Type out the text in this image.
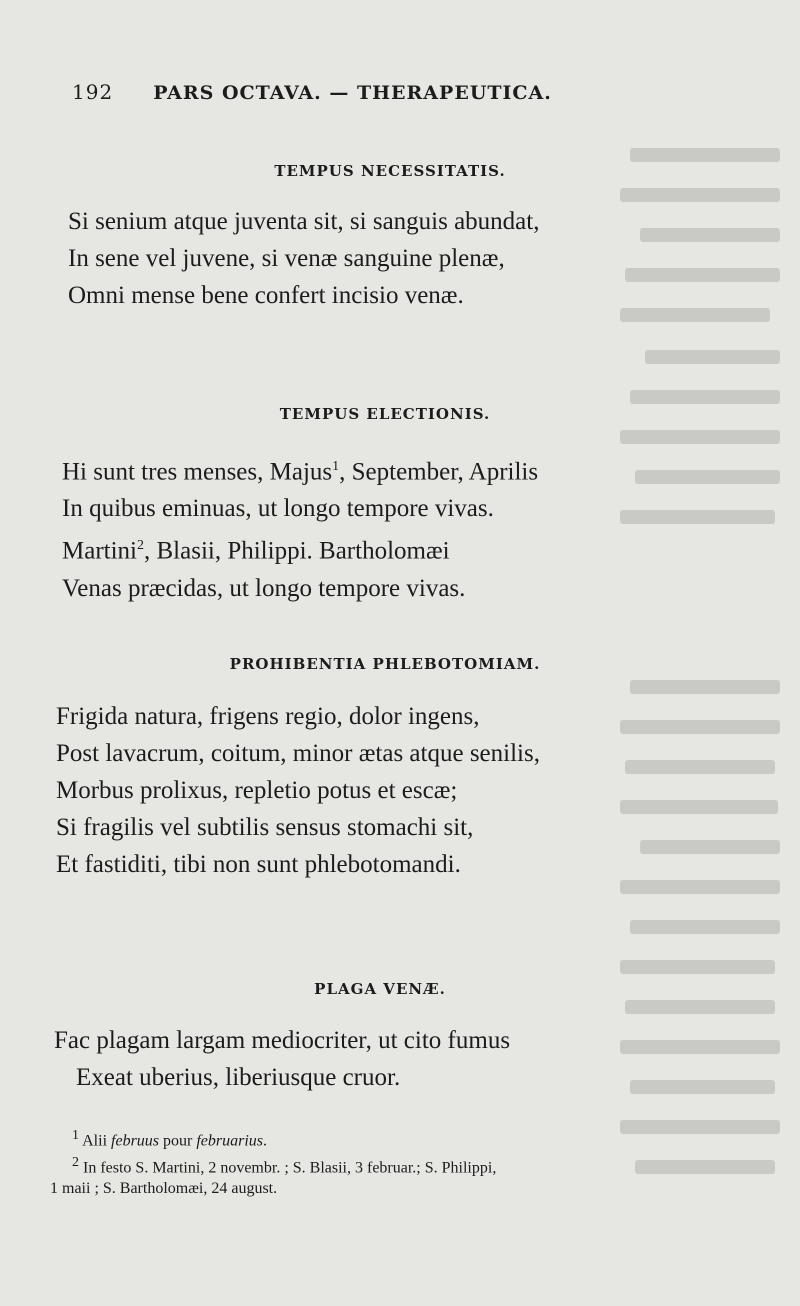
192 PARS OCTAVA. — THERAPEUTICA.
TEMPUS NECESSITATIS.
Si senium atque juventa sit, si sanguis abundat,
In sene vel juvene, si venæ sanguine plenæ,
Omni mense bene confert incisio venæ.
TEMPUS ELECTIONIS.
Hi sunt tres menses, Majus$^1$, September, Aprilis
In quibus eminuas, ut longo tempore vivas.
Martini$^2$, Blasii, Philippi. Bartholomæi
Venas præcidas, ut longo tempore vivas.
PROHIBENTIA PHLEBOTOMIAM.
Frigida natura, frigens regio, dolor ingens,
Post lavacrum, coitum, minor ætas atque senilis,
Morbus prolixus, repletio potus et escæ;
Si fragilis vel subtilis sensus stomachi sit,
Et fastiditi, tibi non sunt phlebotomandi.
PLAGA VENÆ.
Fac plagam largam mediocriter, ut cito fumus
Exeat uberius, liberiusque cruor.
$^1$ Alii februus pour februarius.
$^2$ In festo S. Martini, 2 novembr. ; S. Blasii, 3 februar.; S. Philippi,
1 maii ; S. Bartholomæi, 24 august.
